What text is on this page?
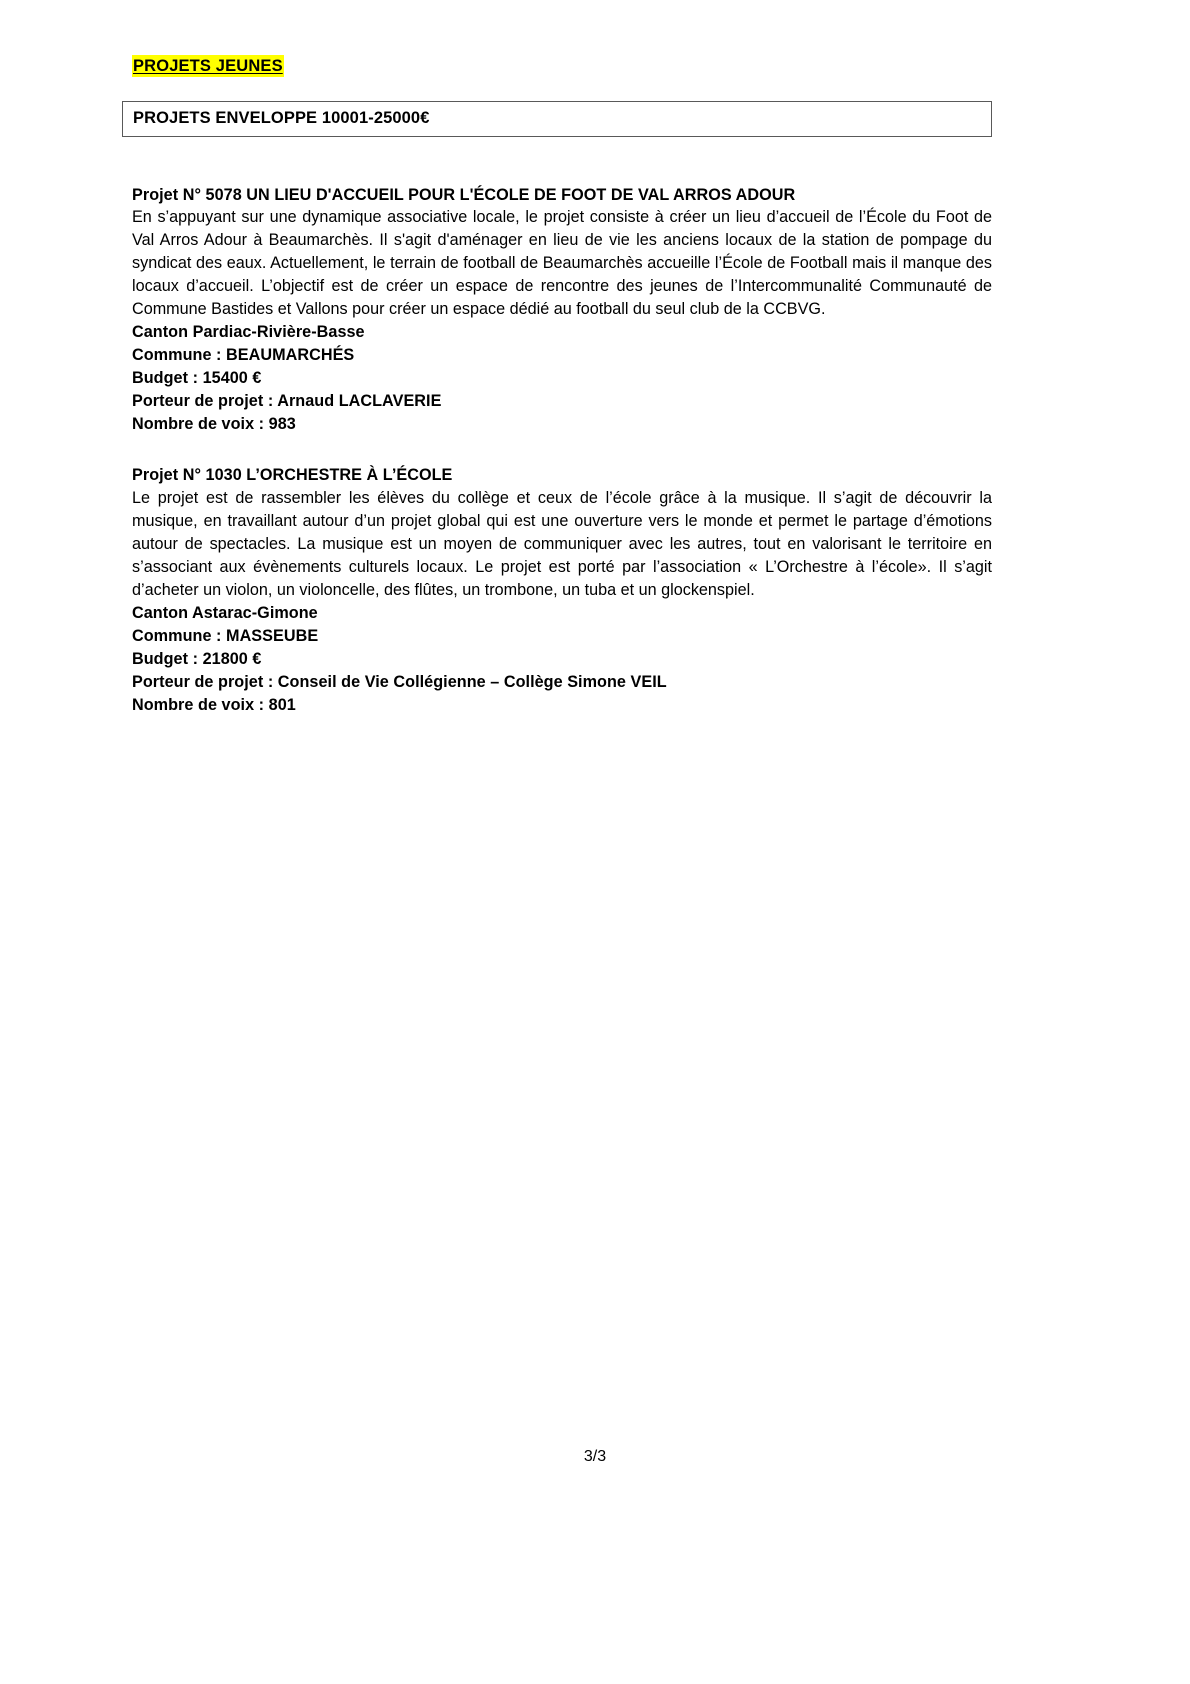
PROJETS JEUNES
PROJETS ENVELOPPE 10001-25000€
Projet N° 5078 UN LIEU D'ACCUEIL POUR L'ÉCOLE DE FOOT DE VAL ARROS ADOUR

En s’appuyant sur une dynamique associative locale, le projet consiste à créer un lieu d’accueil de l’École du Foot de Val Arros Adour à Beaumarchès. Il s'agit d'aménager en lieu de vie les anciens locaux de la station de pompage du syndicat des eaux. Actuellement, le terrain de football de Beaumarchès accueille l’École de Football mais il manque des locaux d’accueil. L’objectif est de créer un espace de rencontre des jeunes de l’Intercommunalité Communauté de Commune Bastides et Vallons pour créer un espace dédié au football du seul club de la CCBVG.

Canton Pardiac-Rivière-Basse
Commune : BEAUMARCHÉS
Budget : 15400 €
Porteur de projet : Arnaud LACLAVERIE
Nombre de voix : 983
Projet N° 1030 L’ORCHESTRE À L’ÉCOLE

Le projet est de rassembler les élèves du collège et ceux de l’école grâce à la musique. Il s’agit de découvrir la musique, en travaillant autour d’un projet global qui est une ouverture vers le monde et permet le partage d’émotions autour de spectacles. La musique est un moyen de communiquer avec les autres, tout en valorisant le territoire en s’associant aux évènements culturels locaux. Le projet est porté par l’association « L’Orchestre à l’école». Il s’agit d’acheter un violon, un violoncelle, des flûtes, un trombone, un tuba et un glockenspiel.

Canton Astarac-Gimone
Commune : MASSEUBE
Budget : 21800 €
Porteur de projet : Conseil de Vie Collégienne – Collège Simone VEIL
Nombre de voix : 801
3/3
